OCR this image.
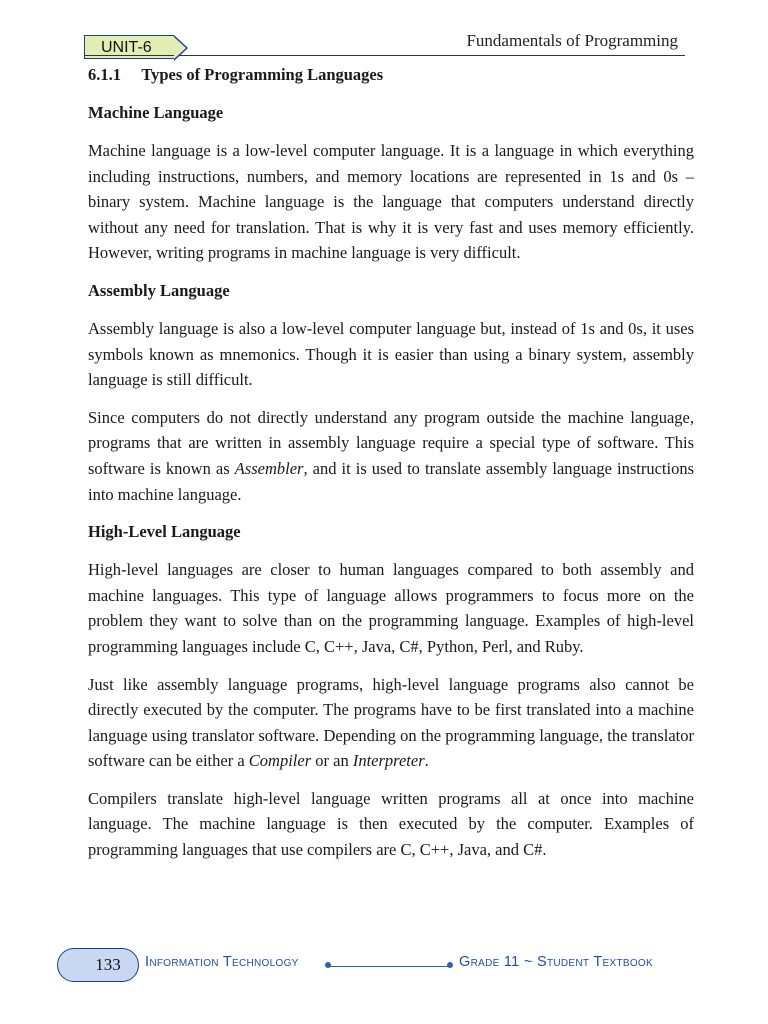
UNIT-6	Fundamentals of Programming
6.1.1     Types of Programming Languages
Machine Language

Machine language is a low-level computer language. It is a language in which everything including instructions, numbers, and memory locations are represented in 1s and 0s – binary system. Machine language is the language that computers understand directly without any need for translation. That is why it is very fast and uses memory efficiently. However, writing programs in machine language is very difficult.

Assembly Language

Assembly language is also a low-level computer language but, instead of 1s and 0s, it uses symbols known as mnemonics. Though it is easier than using a binary system, assembly language is still difficult.

Since computers do not directly understand any program outside the machine language, programs that are written in assembly language require a special type of software. This software is known as Assembler, and it is used to translate assembly language instructions into machine language.

High-Level Language

High-level languages are closer to human languages compared to both assembly and machine languages. This type of language allows programmers to focus more on the problem they want to solve than on the programming language. Examples of high-level programming languages include C, C++, Java, C#, Python, Perl, and Ruby.

Just like assembly language programs, high-level language programs also cannot be directly executed by the computer. The programs have to be first translated into a machine language using translator software. Depending on the programming language, the translator software can be either a Compiler or an Interpreter.

Compilers translate high-level language written programs all at once into machine language. The machine language is then executed by the computer. Examples of programming languages that use compilers are C, C++, Java, and C#.

133	Information Technology	Grade 11 ~ Student Textbook
